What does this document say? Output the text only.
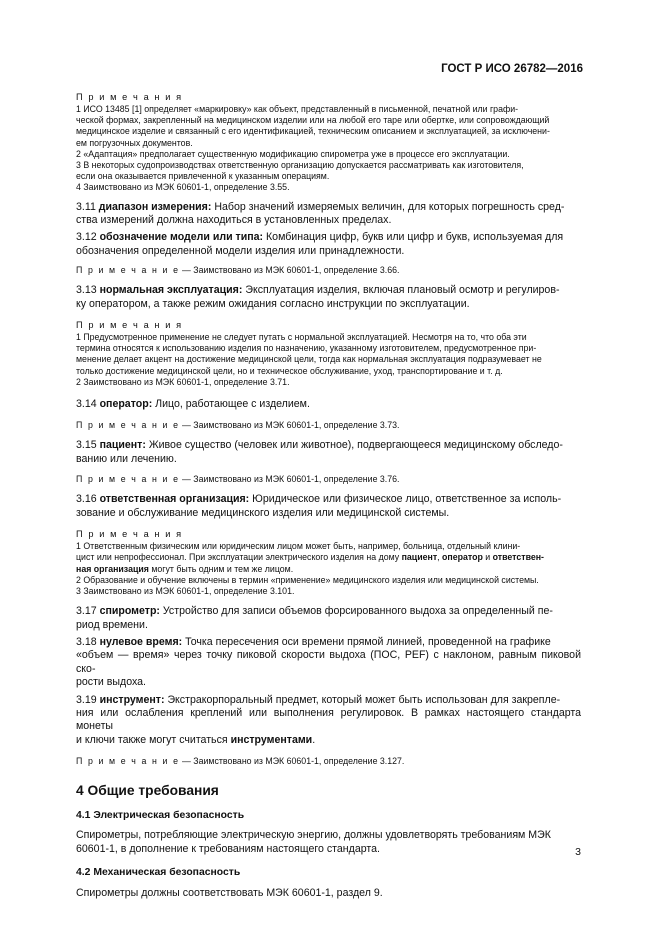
ГОСТ Р ИСО 26782—2016
П р и м е ч а н и я

1 ИСО 13485 [1] определяет «маркировку» как объект, представленный в письменной, печатной или графи-

ческой формах, закрепленный на медицинском изделии или на любой его таре или обертке, или сопровождающий

медицинское изделие и связанный с его идентификацией, техническим описанием и эксплуатацией, за исключени-

ем погрузочных документов.

2 «Адаптация» предполагает существенную модификацию спирометра уже в процессе его эксплуатации.

3 В некоторых судопроизводствах ответственную организацию допускается рассматривать как изготовителя,

если она оказывается привлеченной к указанным операциям.

4 Заимствовано из МЭК 60601-1, определение 3.55.

3.11 диапазон измерения: Набор значений измеряемых величин, для которых погрешность сред-

ства измерений должна находиться в установленных пределах.

3.12 обозначение модели или типа: Комбинация цифр, букв или цифр и букв, используемая для

обозначения определенной модели изделия или принадлежности.

П р и м е ч а н и е — Заимствовано из МЭК 60601-1, определение 3.66.

3.13 нормальная эксплуатация: Эксплуатация изделия, включая плановый осмотр и регулиров-

ку оператором, а также режим ожидания согласно инструкции по эксплуатации.

П р и м е ч а н и я

1 Предусмотренное применение не следует путать с нормальной эксплуатацией. Несмотря на то, что оба эти

термина относятся к использованию изделия по назначению, указанному изготовителем, предусмотренное при-

менение делает акцент на достижение медицинской цели, тогда как нормальная эксплуатация подразумевает не

только достижение медицинской цели, но и техническое обслуживание, уход, транспортирование и т. д.

2 Заимствовано из МЭК 60601-1, определение 3.71.

3.14 оператор: Лицо, работающее с изделием.

П р и м е ч а н и е — Заимствовано из МЭК 60601-1, определение 3.73.

3.15 пациент: Живое существо (человек или животное), подвергающееся медицинскому обследо-

ванию или лечению.

П р и м е ч а н и е — Заимствовано из МЭК 60601-1, определение 3.76.

3.16 ответственная организация: Юридическое или физическое лицо, ответственное за исполь-

зование и обслуживание медицинского изделия или медицинской системы.

П р и м е ч а н и я

1 Ответственным физическим или юридическим лицом может быть, например, больница, отдельный клини-

цист или непрофессионал. При эксплуатации электрического изделия на дому пациент, оператор и ответствен-

ная организация могут быть одним и тем же лицом.

2 Образование и обучение включены в термин «применение» медицинского изделия или медицинской системы.

3 Заимствовано из МЭК 60601-1, определение 3.101.

3.17 спирометр: Устройство для записи объемов форсированного выдоха за определенный пе-

риод времени.

3.18 нулевое время: Точка пересечения оси времени прямой линией, проведенной на графике

«объем — время» через точку пиковой скорости выдоха (ПОС, PEF) с наклоном, равным пиковой ско-

рости выдоха.

3.19 инструмент: Экстракорпоральный предмет, который может быть использован для закрепле-

ния или ослабления креплений или выполнения регулировок. В рамках настоящего стандарта монеты

и ключи также могут считаться инструментами.

П р и м е ч а н и е — Заимствовано из МЭК 60601-1, определение 3.127.

4 Общие требования
4.1 Электрическая безопасность

Спирометры, потребляющие электрическую энергию, должны удовлетворять требованиям МЭК

60601-1, в дополнение к требованиям настоящего стандарта.

4.2 Механическая безопасность

Спирометры должны соответствовать МЭК 60601-1, раздел 9.

3
